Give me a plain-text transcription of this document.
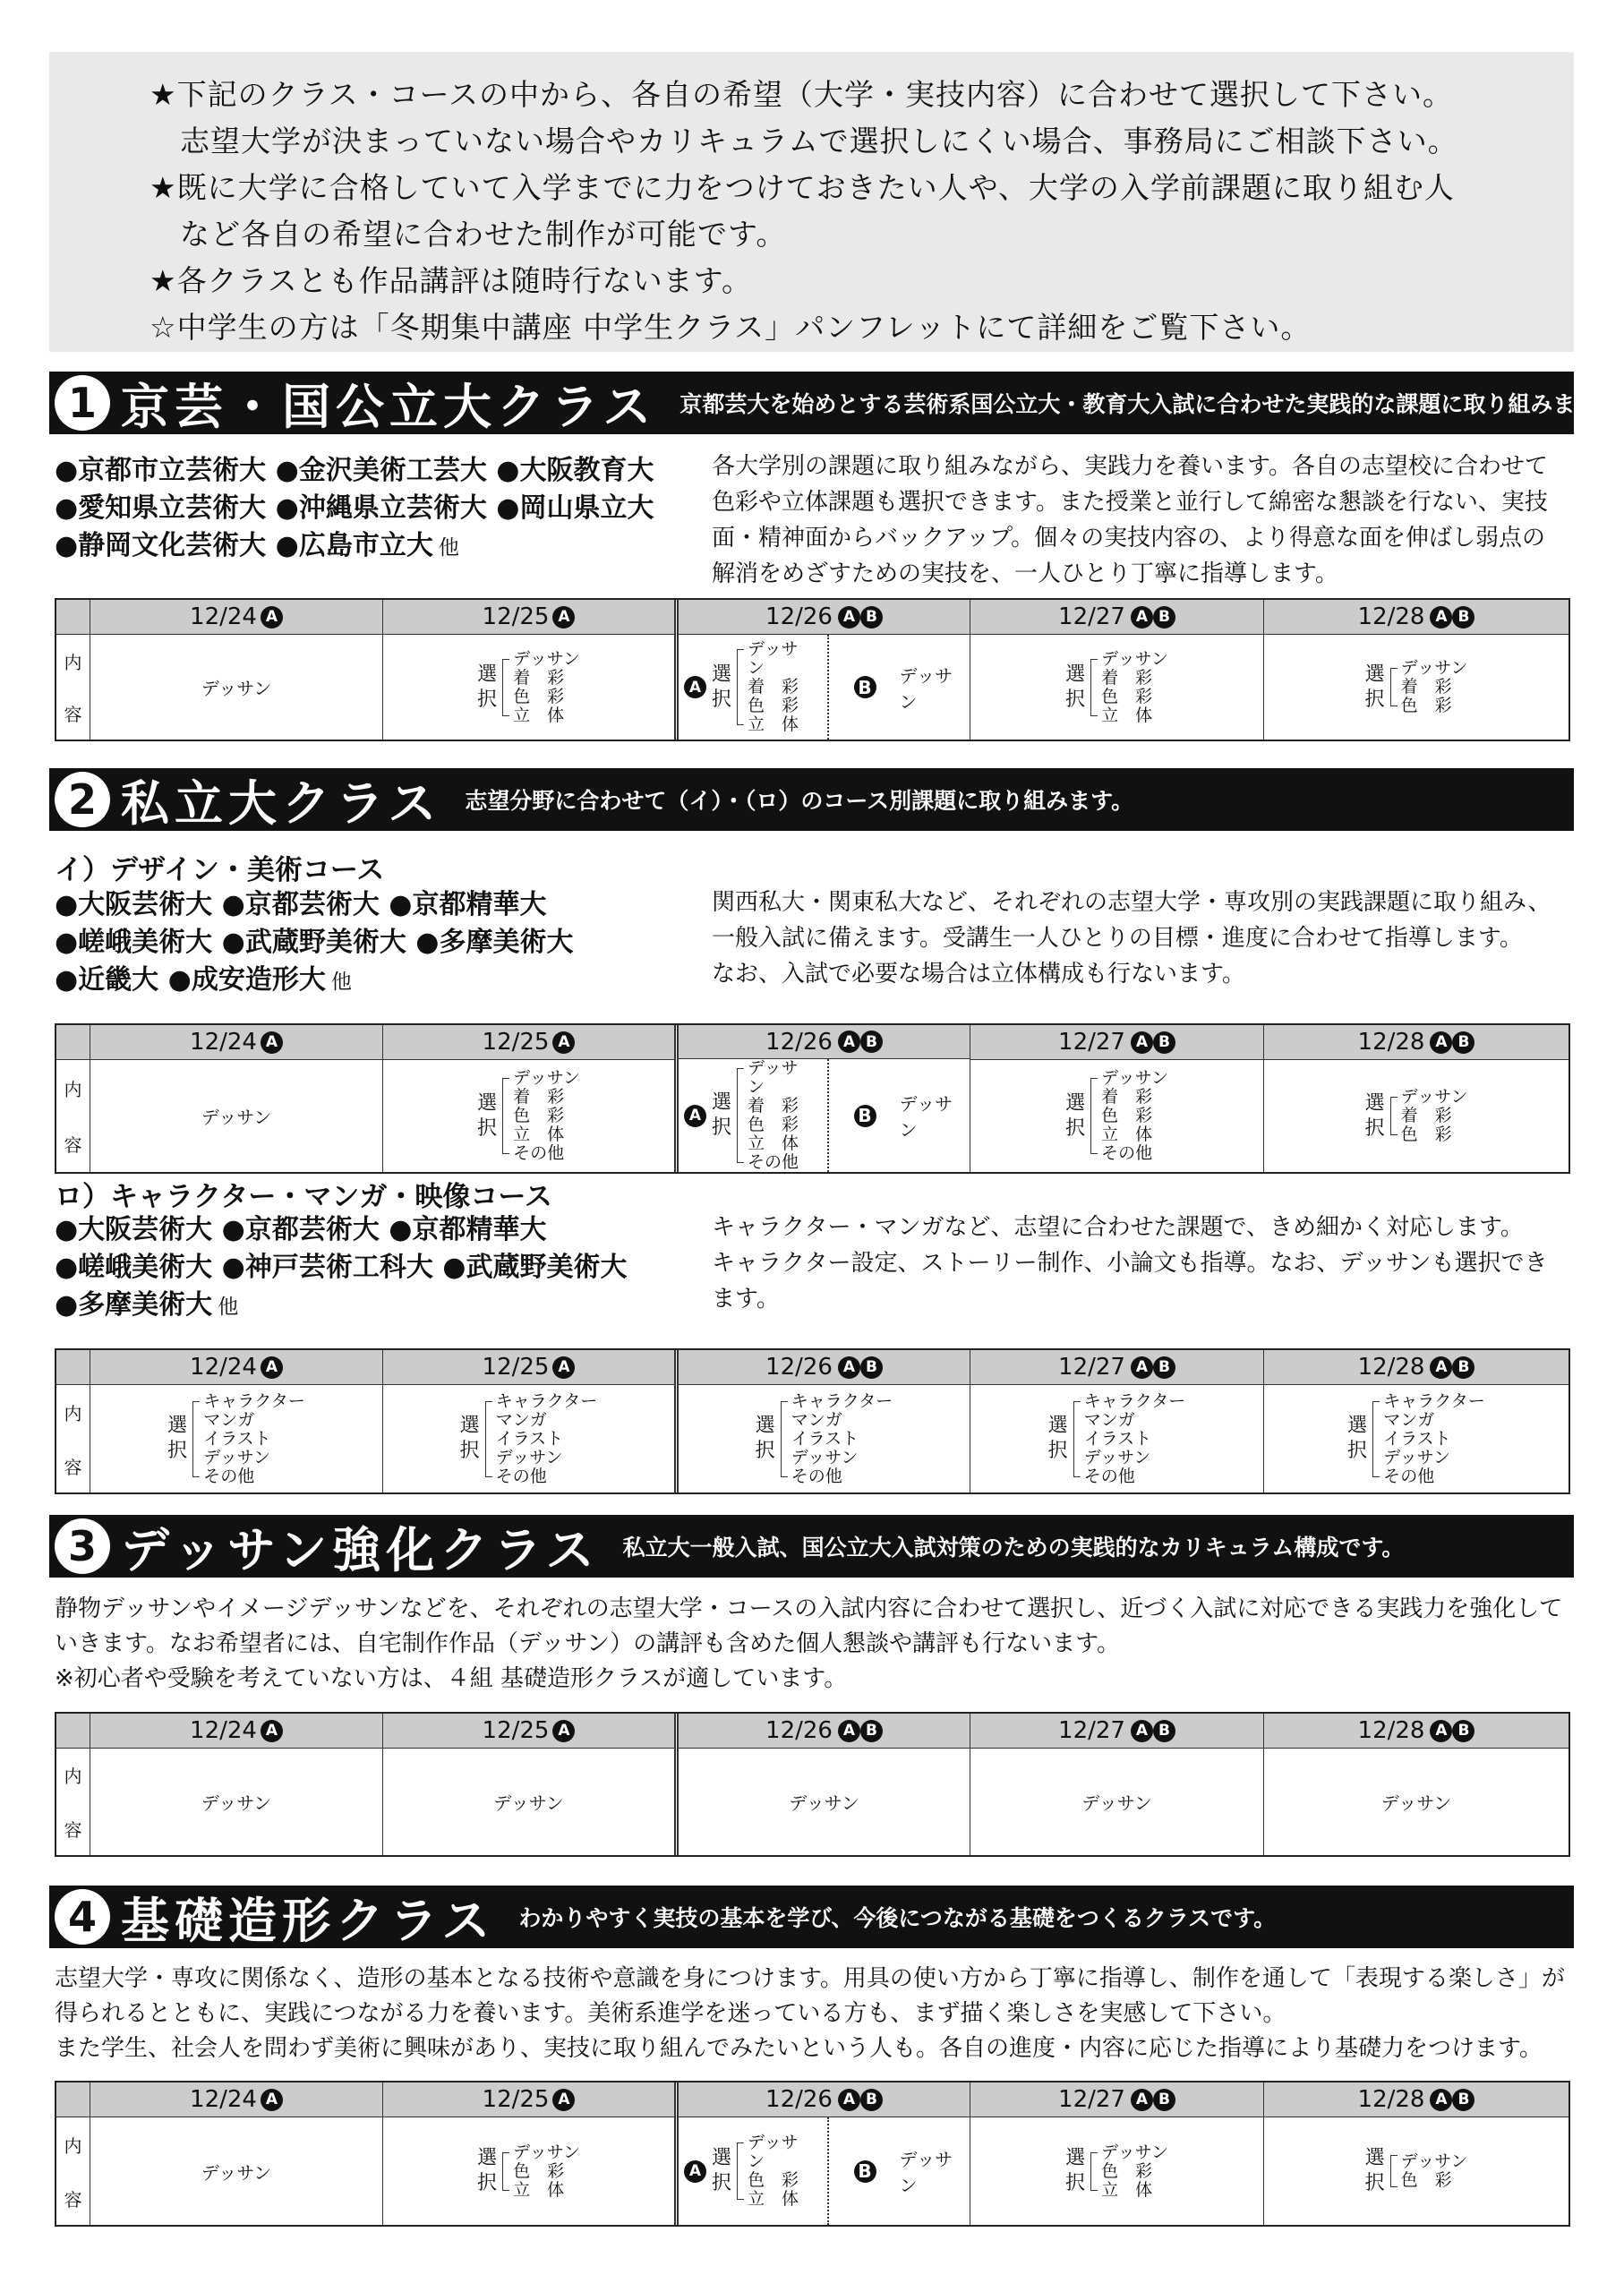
★下記のクラス・コースの中から、各自の希望（大学・実技内容）に合わせて選択して下さい。
志望大学が決まっていない場合やカリキュラムで選択しにくい場合、事務局にご相談下さい。
★既に大学に合格していて入学までに力をつけておきたい人や、大学の入学前課題に取り組む人
など各自の希望に合わせた制作が可能です。
★各クラスとも作品講評は随時行ないます。
☆中学生の方は「冬期集中講座 中学生クラス」パンフレットにて詳細をご覧下さい。
1 京芸・国公立大クラス 京都芸大を始めとする芸術系国公立大・教育大入試に合わせた実践的な課題に取り組みます。
●京都市立芸術大 ●金沢美術工芸大 ●大阪教育大
●愛知県立芸術大 ●沖縄県立芸術大 ●岡山県立大
●静岡文化芸術大 ●広島市立大 他
各大学別の課題に取り組みながら、実践力を養います。各自の志望校に合わせて
色彩や立体課題も選択できます。また授業と並行して綿密な懇談を行ない、実技
面・精神面からバックアップ。個々の実技内容の、より得意な面を伸ばし弱点の
解消をめざすための実技を、一人ひとり丁寧に指導します。
内
容
12/24 A
デッサン
12/25 A
選
択
デッサン
着　彩
色　彩
立　体
12/26 A B
A
選
択
デッサン
着　彩
色　彩
立　体
B
デッサン
12/27 A B
選
択
デッサン
着　彩
色　彩
立　体
12/28 A B
選
択
デッサン
着　彩
色　彩
2 私立大クラス 志望分野に合わせて（イ）・（ロ）のコース別課題に取り組みます。
イ）デザイン・美術コース
●大阪芸術大 ●京都芸術大 ●京都精華大
●嵯峨美術大 ●武蔵野美術大 ●多摩美術大
●近畿大 ●成安造形大 他
関西私大・関東私大など、それぞれの志望大学・専攻別の実践課題に取り組み、
一般入試に備えます。受講生一人ひとりの目標・進度に合わせて指導します。
なお、入試で必要な場合は立体構成も行ないます。
内
容
12/24 A
デッサン
12/25 A
選
択
デッサン
着　彩
色　彩
立　体
その他
12/26 A B
A
選
択
デッサン
着　彩
色　彩
立　体
その他
B
デッサン
12/27 A B
選
択
デッサン
着　彩
色　彩
立　体
その他
12/28 A B
選
択
デッサン
着　彩
色　彩
ロ）キャラクター・マンガ・映像コース
●大阪芸術大 ●京都芸術大 ●京都精華大
●嵯峨美術大 ●神戸芸術工科大 ●武蔵野美術大
●多摩美術大 他
キャラクター・マンガなど、志望に合わせた課題で、きめ細かく対応します。
キャラクター設定、ストーリー制作、小論文も指導。なお、デッサンも選択でき
ます。
内
容
12/24 A
選
択
キャラクター
マンガ
イラスト
デッサン
その他
12/25 A
選
択
キャラクター
マンガ
イラスト
デッサン
その他
12/26 A B
選
択
キャラクター
マンガ
イラスト
デッサン
その他
12/27 A B
選
択
キャラクター
マンガ
イラスト
デッサン
その他
12/28 A B
選
択
キャラクター
マンガ
イラスト
デッサン
その他
3 デッサン強化クラス 私立大一般入試、国公立大入試対策のための実践的なカリキュラム構成です。
静物デッサンやイメージデッサンなどを、それぞれの志望大学・コースの入試内容に合わせて選択し、近づく入試に対応できる実践力を強化して
いきます。なお希望者には、自宅制作作品（デッサン）の講評も含めた個人懇談や講評も行ないます。
※初心者や受験を考えていない方は、４組 基礎造形クラスが適しています。
内
容
12/24 A
デッサン
12/25 A
デッサン
12/26 A B
デッサン
12/27 A B
デッサン
12/28 A B
デッサン
4 基礎造形クラス わかりやすく実技の基本を学び、今後につながる基礎をつくるクラスです。
志望大学・専攻に関係なく、造形の基本となる技術や意識を身につけます。用具の使い方から丁寧に指導し、制作を通して「表現する楽しさ」が
得られるとともに、実践につながる力を養います。美術系進学を迷っている方も、まず描く楽しさを実感して下さい。
また学生、社会人を問わず美術に興味があり、実技に取り組んでみたいという人も。各自の進度・内容に応じた指導により基礎力をつけます。
内
容
12/24 A
デッサン
12/25 A
選
択
デッサン
色　彩
立　体
12/26 A B
A
選
択
デッサン
色　彩
立　体
B
デッサン
12/27 A B
選
択
デッサン
色　彩
立　体
12/28 A B
選
択
デッサン
色　彩
